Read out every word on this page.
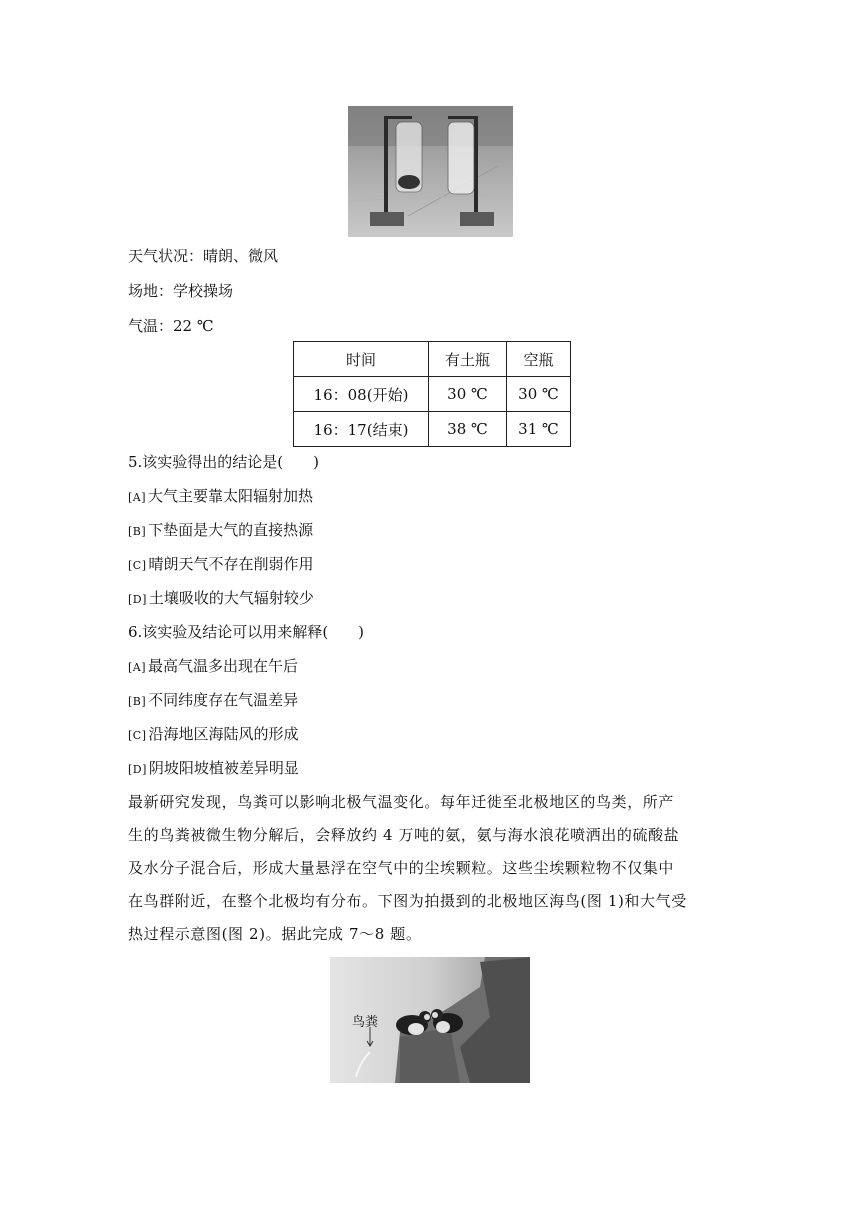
天气状况：晴朗、微风
场地：学校操场
气温：22 ℃
时间	有土瓶	空瓶
16：08(开始)	30 ℃	30 ℃
16：17(结束)	38 ℃	31 ℃
5.该实验得出的结论是(　　)
[A] 大气主要靠太阳辐射加热
[B] 下垫面是大气的直接热源
[C] 晴朗天气不存在削弱作用
[D] 土壤吸收的大气辐射较少
6.该实验及结论可以用来解释(　　)
[A] 最高气温多出现在午后
[B] 不同纬度存在气温差异
[C] 沿海地区海陆风的形成
[D] 阴坡阳坡植被差异明显
最新研究发现，鸟粪可以影响北极气温变化。每年迁徙至北极地区的鸟类，所产
生的鸟粪被微生物分解后，会释放约 4 万吨的氨，氨与海水浪花喷洒出的硫酸盐
及水分子混合后，形成大量悬浮在空气中的尘埃颗粒。这些尘埃颗粒物不仅集中
在鸟群附近，在整个北极均有分布。下图为拍摄到的北极地区海鸟(图 1)和大气受
热过程示意图(图 2)。据此完成 7～8 题。
鸟粪
